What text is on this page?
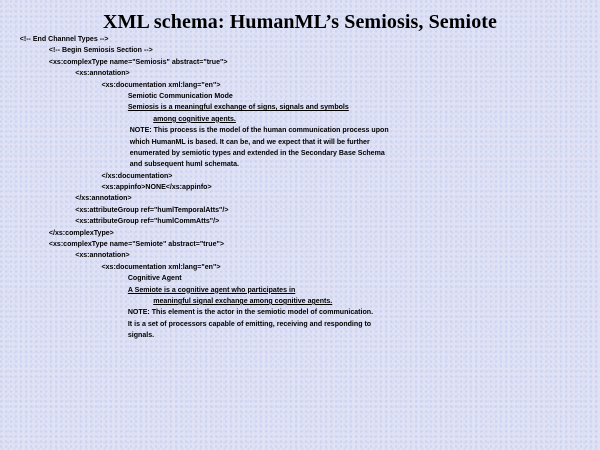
XML schema: HumanML’s Semiosis, Semiote
<!-- End Channel Types -->
<!-- Begin Semiosis Section -->
<xs:complexType name="Semiosis" abstract="true">
<xs:annotation>
<xs:documentation xml:lang="en">
Semiotic Communication Mode
Semiosis is a meaningful exchange of signs, signals and symbols
among cognitive agents.
NOTE: This process is the model of the human communication process upon
which HumanML is based. It can be, and we expect that it will be further
enumerated by semiotic types and extended in the Secondary Base Schema
and subsequent huml schemata.
</xs:documentation>
<xs:appinfo>NONE</xs:appinfo>
</xs:annotation>
<xs:attributeGroup ref="humlTemporalAtts"/>
<xs:attributeGroup ref="humlCommAtts"/>
</xs:complexType>
<xs:complexType name="Semiote" abstract="true">
<xs:annotation>
<xs:documentation xml:lang="en">
Cognitive Agent
A Semiote is a cognitive agent who participates in
meaningful signal exchange among cognitive agents.
NOTE: This element is the actor in the semiotic model of communication.
It is a set of processors capable of emitting, receiving and responding to
signals.
